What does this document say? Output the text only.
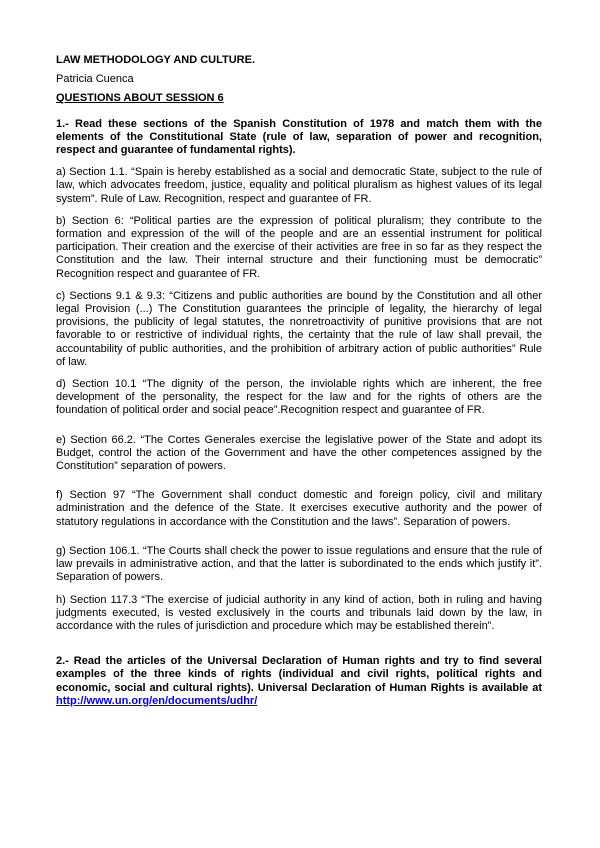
LAW METHODOLOGY AND CULTURE.
Patricia Cuenca
QUESTIONS ABOUT SESSION 6
1.- Read these sections of the Spanish Constitution of 1978 and match them with the elements of the Constitutional State (rule of law, separation of power and recognition, respect and guarantee of fundamental rights).
a) Section 1.1. “Spain is hereby established as a social and democratic State, subject to the rule of law, which advocates freedom, justice, equality and political pluralism as highest values of its legal system”. Rule of Law. Recognition, respect and guarantee of FR.
b) Section 6: “Political parties are the expression of political pluralism; they contribute to the formation and expression of the will of the people and are an essential instrument for political participation. Their creation and the exercise of their activities are free in so far as they respect the Constitution and the law. Their internal structure and their functioning must be democratic” Recognition respect and guarantee of FR.
c) Sections 9.1 & 9.3: “Citizens and public authorities are bound by the Constitution and all other legal Provision (...) The Constitution guarantees the principle of legality, the hierarchy of legal provisions, the publicity of legal statutes, the nonretroactivity of punitive provisions that are not favorable to or restrictive of individual rights, the certainty that the rule of law shall prevail, the accountability of public authorities, and the prohibition of arbitrary action of public authorities” Rule of law.
d) Section 10.1 “The dignity of the person, the inviolable rights which are inherent, the free development of the personality, the respect for the law and for the rights of others are the foundation of political order and social peace”.Recognition respect and guarantee of FR.
e) Section 66.2. “The Cortes Generales exercise the legislative power of the State and adopt its Budget, control the action of the Government and have the other competences assigned by the Constitution” separation of powers.
f) Section 97 “The Government shall conduct domestic and foreign policy, civil and military administration and the defence of the State. It exercises executive authority and the power of statutory regulations in accordance with the Constitution and the laws”. Separation of powers.
g) Section 106.1. “The Courts shall check the power to issue regulations and ensure that the rule of law prevails in administrative action, and that the latter is subordinated to the ends which justify it”. Separation of powers.
h) Section 117.3 “The exercise of judicial authority in any kind of action, both in ruling and having judgments executed, is vested exclusively in the courts and tribunals laid down by the law, in accordance with the rules of jurisdiction and procedure which may be established therein”.
2.- Read the articles of the Universal Declaration of Human rights and try to find several examples of the three kinds of rights (individual and civil rights, political rights and economic, social and cultural rights). Universal Declaration of Human Rights is available at http://www.un.org/en/documents/udhr/
